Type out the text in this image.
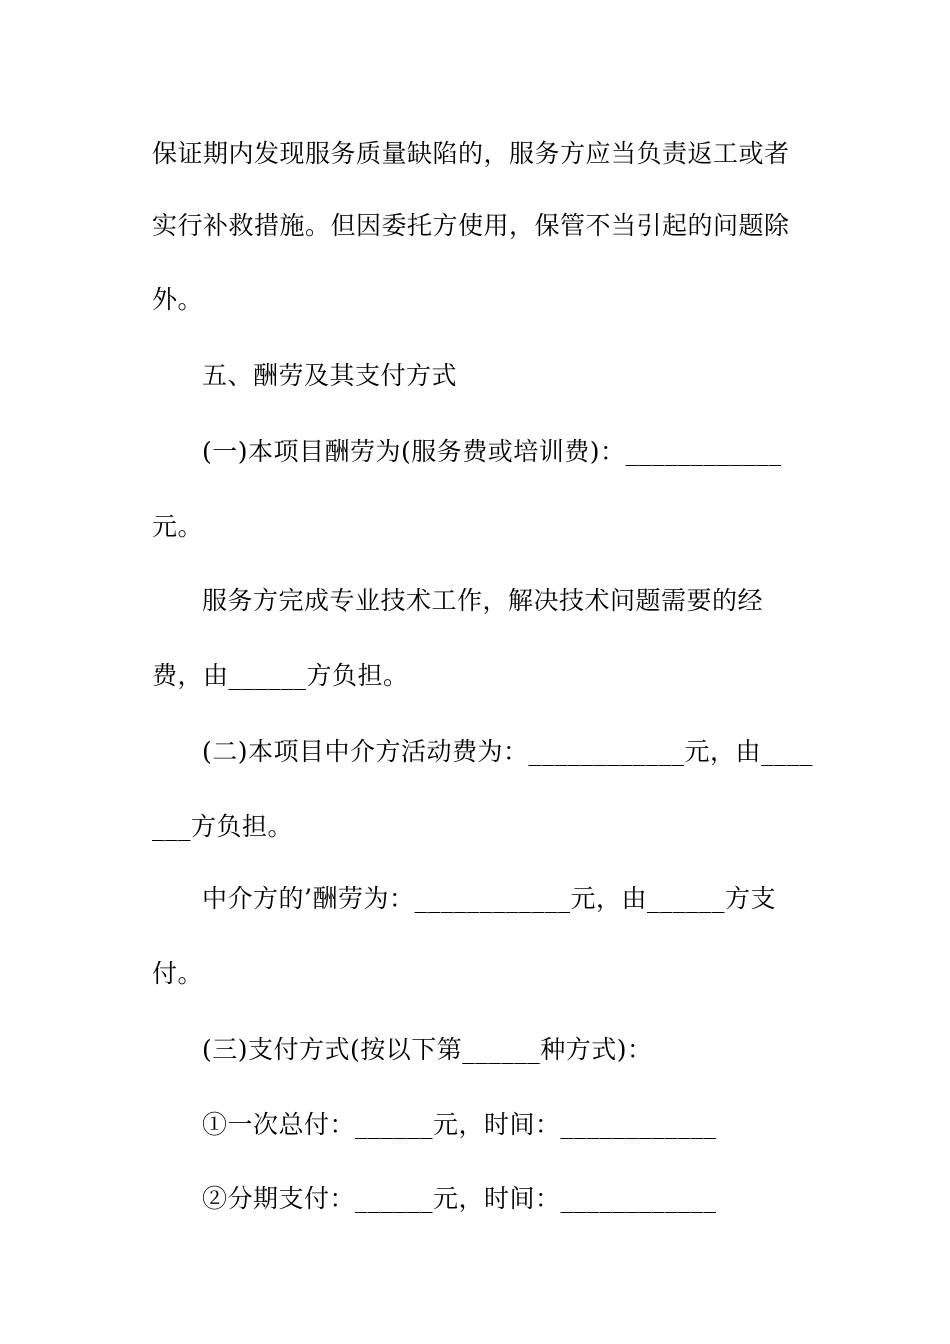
保证期内发现服务质量缺陷的，服务方应当负责返工或者
实行补救措施。但因委托方使用，保管不当引起的问题除
外。
五、酬劳及其支付方式
(一)本项目酬劳为(服务费或培训费)：____________
元。
服务方完成专业技术工作，解决技术问题需要的经
费，由______方负担。
(二)本项目中介方活动费为：____________元，由____
___方负担。
中介方的’酬劳为：____________元，由______方支
付。
(三)支付方式(按以下第______种方式)：
①一次总付：______元，时间：____________
②分期支付：______元，时间：____________
